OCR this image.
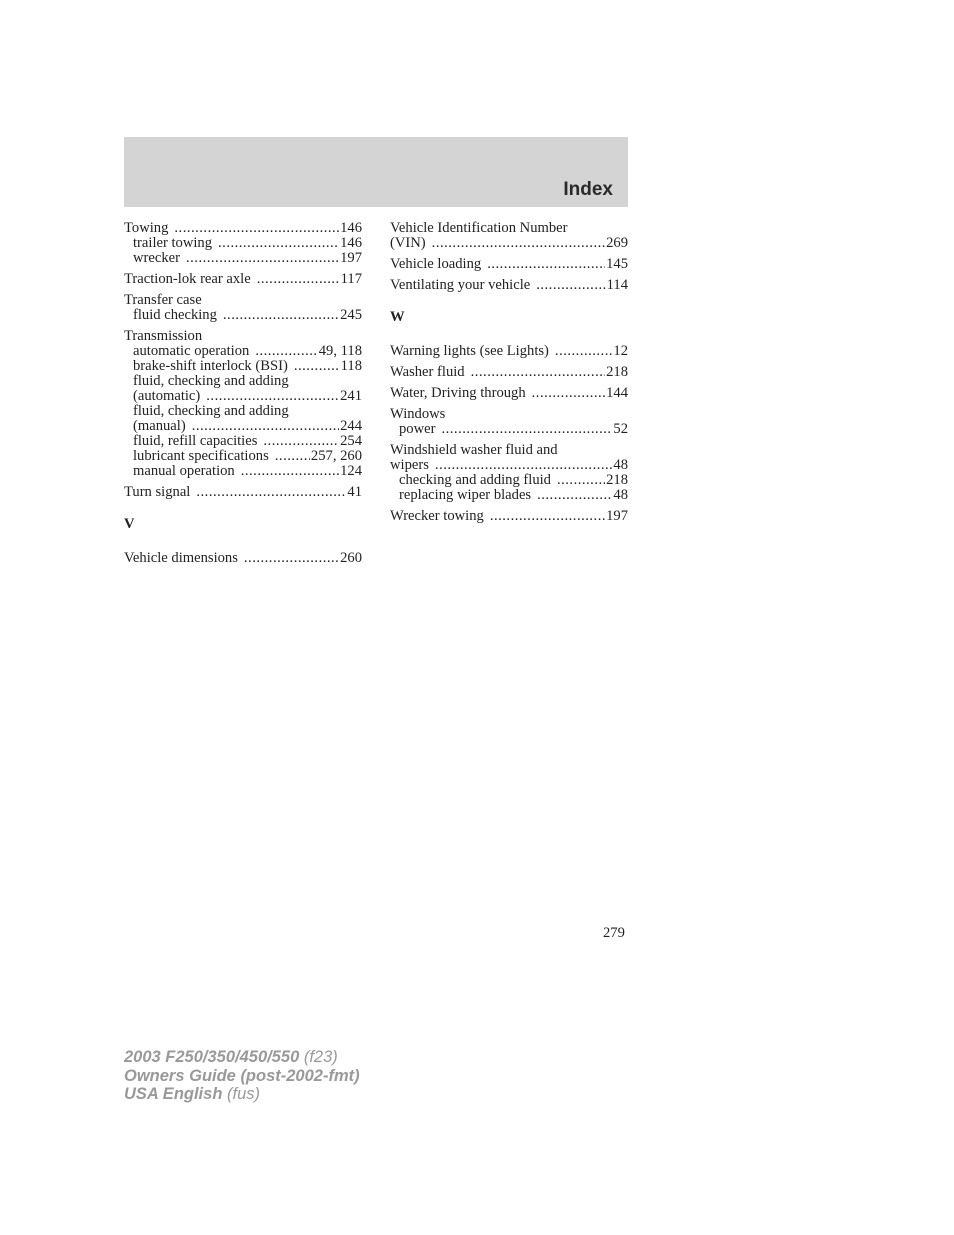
Index
Towing .....	146
trailer towing .....	146
wrecker .....	197
Traction-lok rear axle .....	117
Transfer case
fluid checking .....	245
Transmission
automatic operation .....	49, 118
brake-shift interlock (BSI) .....	118
fluid, checking and adding
(automatic) .....	241
fluid, checking and adding
(manual) .....	244
fluid, refill capacities .....	254
lubricant specifications .....	257, 260
manual operation .....	124
Turn signal .....	41
V
Vehicle dimensions .....	260
Vehicle Identification Number
(VIN) .....	269
Vehicle loading .....	145
Ventilating your vehicle .....	114
W
Warning lights (see Lights) .....	12
Washer fluid .....	218
Water, Driving through .....	144
Windows
power .....	52
Windshield washer fluid and
wipers .....	48
checking and adding fluid .....	218
replacing wiper blades .....	48
Wrecker towing .....	197
279
2003 F250/350/450/550 (f23)
Owners Guide (post-2002-fmt)
USA English (fus)
